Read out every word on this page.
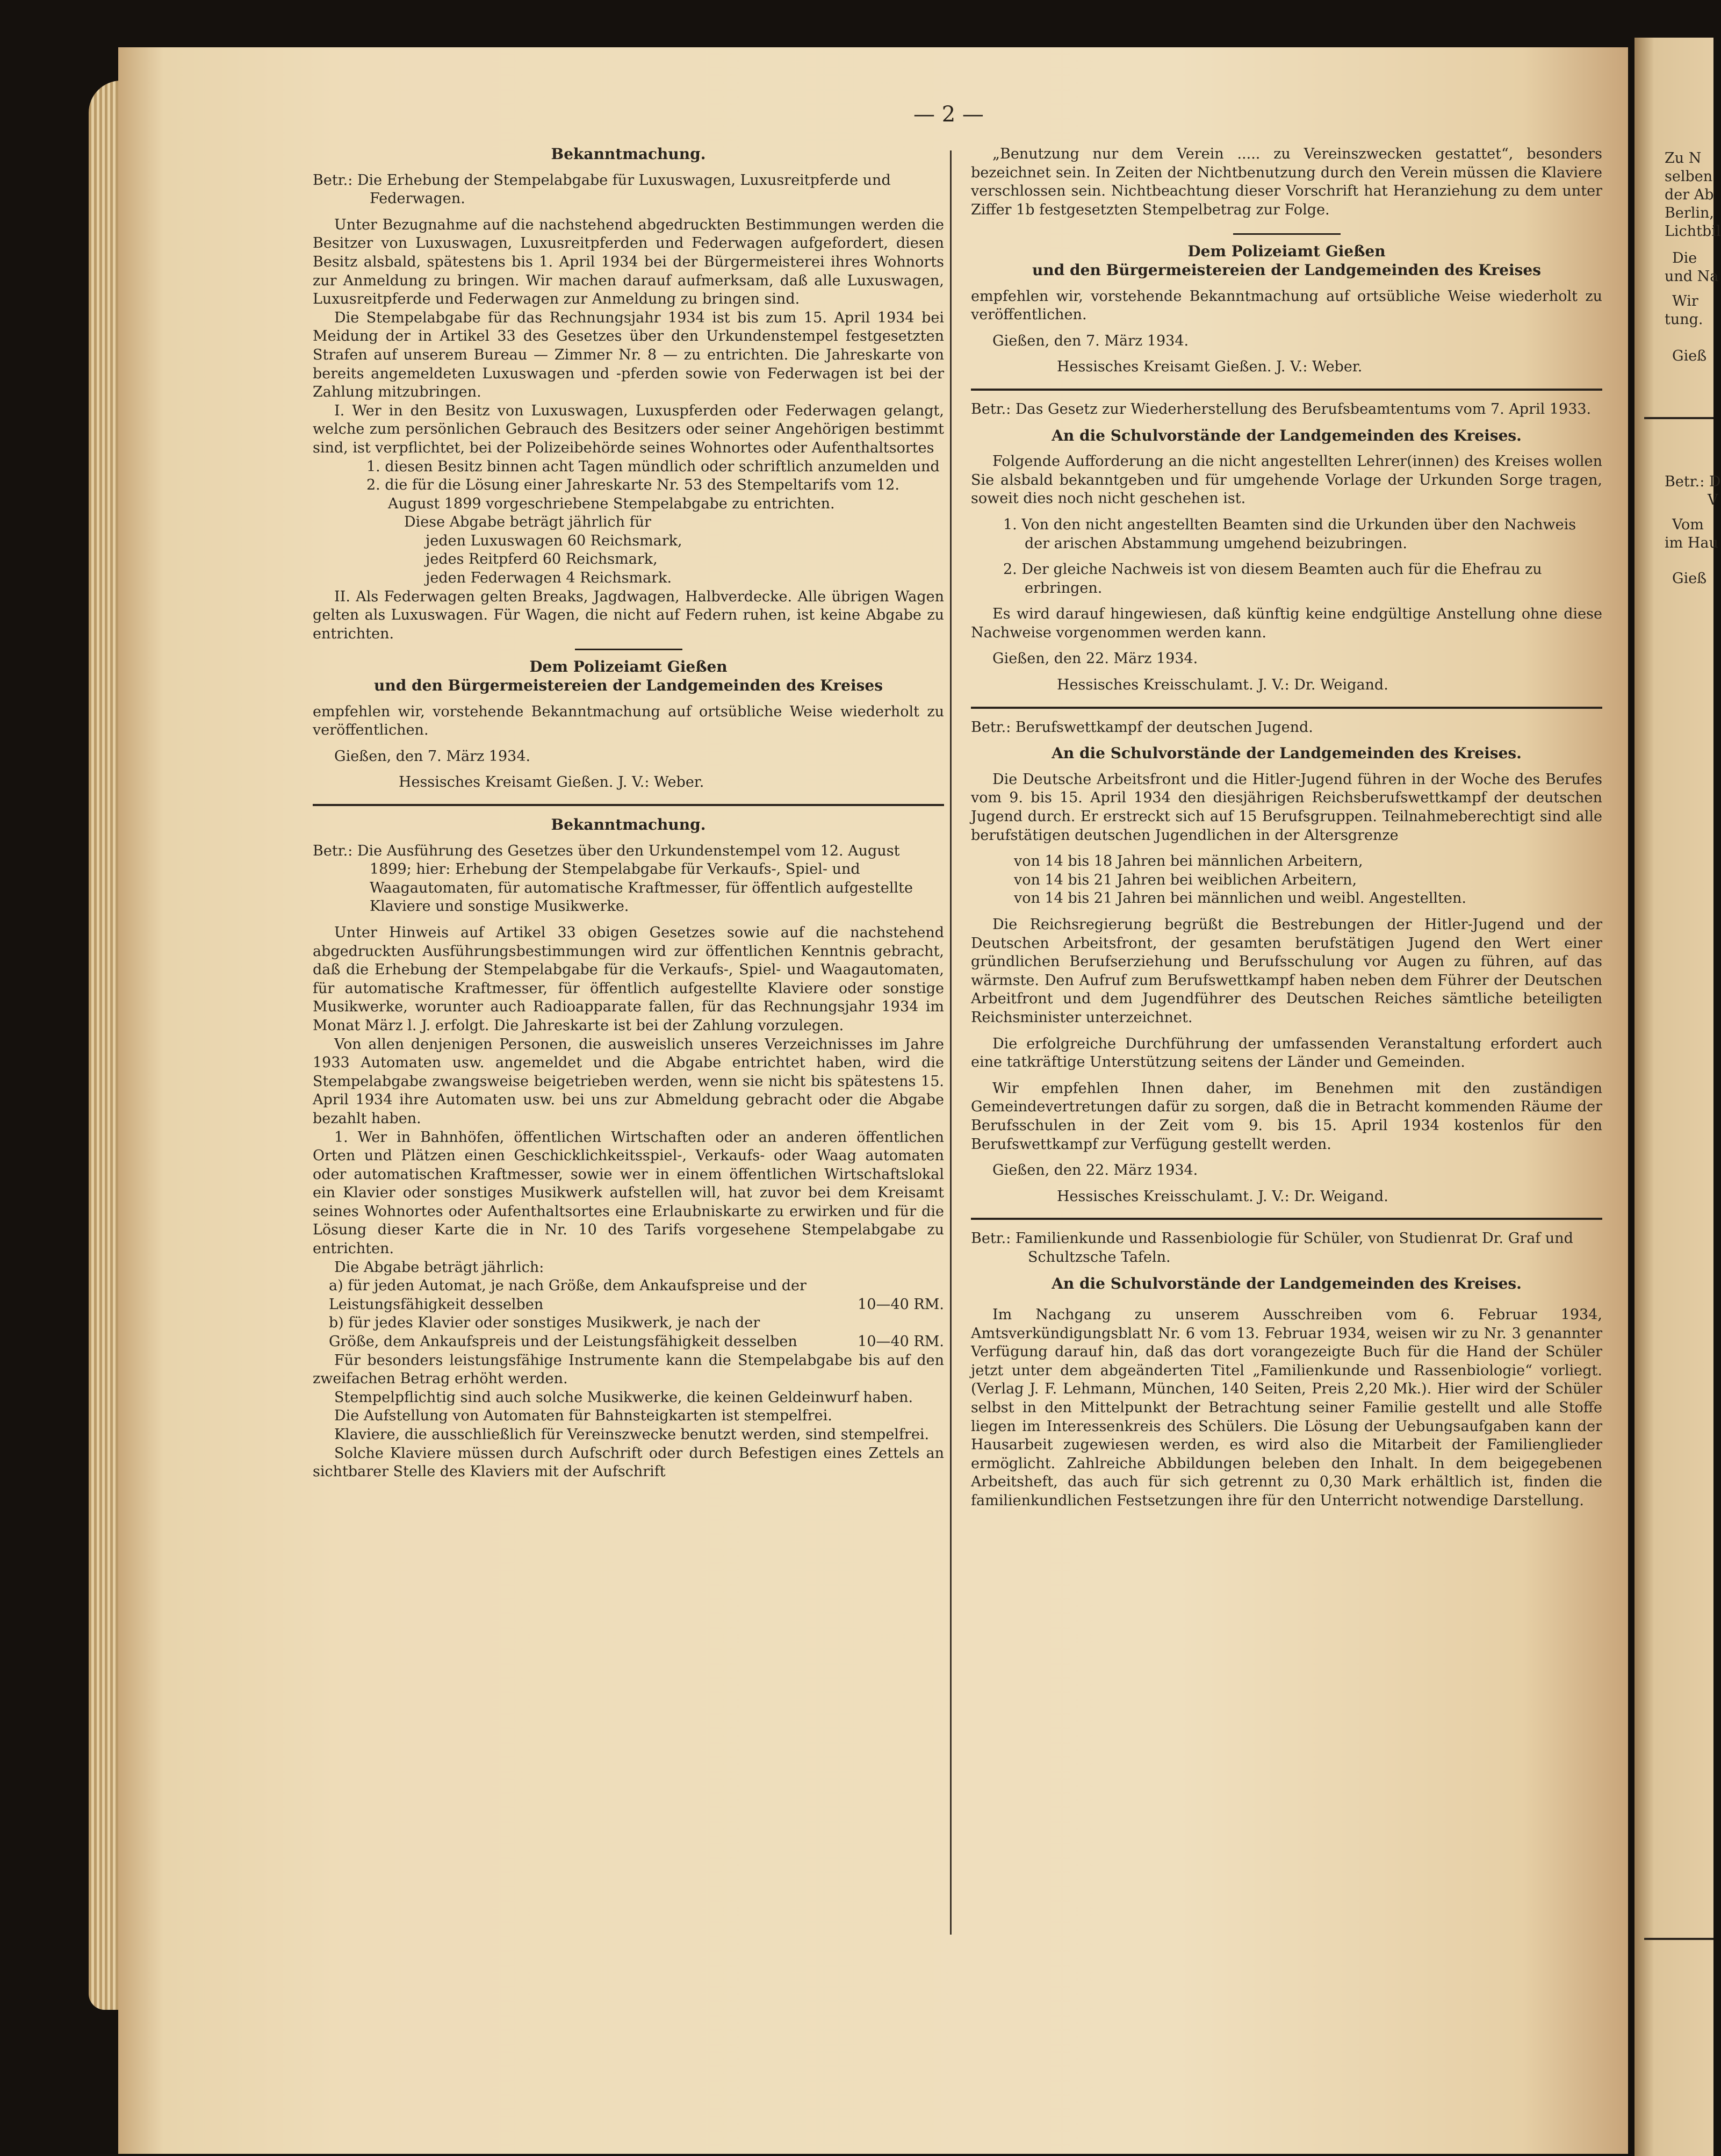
— 2 —

Bekanntmachung.

Betr.: Die Erhebung der Stempelabgabe für Luxuswagen, Luxusreitpferde und Federwagen.

Unter Bezugnahme auf die nachstehend abgedruckten Bestimmungen werden die Besitzer von Luxuswagen, Luxusreitpferden und Federwagen aufgefordert, diesen Besitz alsbald, spätestens bis 1. April 1934 bei der Bürgermeisterei ihres Wohnorts zur Anmeldung zu bringen. Wir machen darauf aufmerksam, daß alle Luxuswagen, Luxusreitpferde und Federwagen zur Anmeldung zu bringen sind.

Die Stempelabgabe für das Rechnungsjahr 1934 ist bis zum 15. April 1934 bei Meidung der in Artikel 33 des Gesetzes über den Urkundenstempel festgesetzten Strafen auf unserem Bureau — Zimmer Nr. 8 — zu entrichten. Die Jahreskarte von bereits angemeldeten Luxuswagen und -pferden sowie von Federwagen ist bei der Zahlung mitzubringen.

I. Wer in den Besitz von Luxuswagen, Luxuspferden oder Federwagen gelangt, welche zum persönlichen Gebrauch des Besitzers oder seiner Angehörigen bestimmt sind, ist verpflichtet, bei der Polizeibehörde seines Wohnortes oder Aufenthaltsortes

1. diesen Besitz binnen acht Tagen mündlich oder schriftlich anzumelden und

2. die für die Lösung einer Jahreskarte Nr. 53 des Stempeltarifs vom 12. August 1899 vorgeschriebene Stempelabgabe zu entrichten.

Diese Abgabe beträgt jährlich für

jeden Luxuswagen 60 Reichsmark,

jedes Reitpferd 60 Reichsmark,

jeden Federwagen 4 Reichsmark.

II. Als Federwagen gelten Breaks, Jagdwagen, Halbverdecke. Alle übrigen Wagen gelten als Luxuswagen. Für Wagen, die nicht auf Federn ruhen, ist keine Abgabe zu entrichten.

Dem Polizeiamt Gießen

und den Bürgermeistereien der Landgemeinden des Kreises

empfehlen wir, vorstehende Bekanntmachung auf ortsübliche Weise wiederholt zu veröffentlichen.

Gießen, den 7. März 1934.

Hessisches Kreisamt Gießen. J. V.: Weber.

Bekanntmachung.

Betr.: Die Ausführung des Gesetzes über den Urkundenstempel vom 12. August 1899; hier: Erhebung der Stempelabgabe für Verkaufs-, Spiel- und Waagautomaten, für automatische Kraftmesser, für öffentlich aufgestellte Klaviere und sonstige Musikwerke.

Unter Hinweis auf Artikel 33 obigen Gesetzes sowie auf die nachstehend abgedruckten Ausführungsbestimmungen wird zur öffentlichen Kenntnis gebracht, daß die Erhebung der Stempelabgabe für die Verkaufs-, Spiel- und Waagautomaten, für automatische Kraftmesser, für öffentlich aufgestellte Klaviere oder sonstige Musikwerke, worunter auch Radioapparate fallen, für das Rechnungsjahr 1934 im Monat März l. J. erfolgt. Die Jahreskarte ist bei der Zahlung vorzulegen.

Von allen denjenigen Personen, die ausweislich unseres Verzeichnisses im Jahre 1933 Automaten usw. angemeldet und die Abgabe entrichtet haben, wird die Stempelabgabe zwangsweise beigetrieben werden, wenn sie nicht bis spätestens 15. April 1934 ihre Automaten usw. bei uns zur Abmeldung gebracht oder die Abgabe bezahlt haben.

1. Wer in Bahnhöfen, öffentlichen Wirtschaften oder an anderen öffentlichen Orten und Plätzen einen Geschicklichkeitsspiel-, Verkaufs- oder Waag automaten oder automatischen Kraftmesser, sowie wer in einem öffentlichen Wirtschaftslokal ein Klavier oder sonstiges Musikwerk aufstellen will, hat zuvor bei dem Kreisamt seines Wohnortes oder Aufenthaltsortes eine Erlaubniskarte zu erwirken und für die Lösung dieser Karte die in Nr. 10 des Tarifs vorgesehene Stempelabgabe zu entrichten.

Die Abgabe beträgt jährlich:

a) für jeden Automat, je nach Größe, dem Ankaufspreise und der Leistungsfähigkeit desselben	10—40 RM.
b) für jedes Klavier oder sonstiges Musikwerk, je nach der Größe, dem Ankaufspreis und der Leistungsfähigkeit desselben	10—40 RM.

Für besonders leistungsfähige Instrumente kann die Stempelabgabe bis auf den zweifachen Betrag erhöht werden.

Stempelpflichtig sind auch solche Musikwerke, die keinen Geldeinwurf haben.

Die Aufstellung von Automaten für Bahnsteigkarten ist stempelfrei.

Klaviere, die ausschließlich für Vereinszwecke benutzt werden, sind stempelfrei.

Solche Klaviere müssen durch Aufschrift oder durch Befestigen eines Zettels an sichtbarer Stelle des Klaviers mit der Aufschrift

„Benutzung nur dem Verein ..... zu Vereinszwecken gestattet“, besonders bezeichnet sein. In Zeiten der Nichtbenutzung durch den Verein müssen die Klaviere verschlossen sein. Nichtbeachtung dieser Vorschrift hat Heranziehung zu dem unter Ziffer 1b festgesetzten Stempelbetrag zur Folge.

Dem Polizeiamt Gießen

und den Bürgermeistereien der Landgemeinden des Kreises

empfehlen wir, vorstehende Bekanntmachung auf ortsübliche Weise wiederholt zu veröffentlichen.

Gießen, den 7. März 1934.

Hessisches Kreisamt Gießen. J. V.: Weber.

Betr.: Das Gesetz zur Wiederherstellung des Berufsbeamtentums vom 7. April 1933.

An die Schulvorstände der Landgemeinden des Kreises.

Folgende Aufforderung an die nicht angestellten Lehrer(innen) des Kreises wollen Sie alsbald bekanntgeben und für umgehende Vorlage der Urkunden Sorge tragen, soweit dies noch nicht geschehen ist.

1. Von den nicht angestellten Beamten sind die Urkunden über den Nachweis der arischen Abstammung umgehend beizubringen.

2. Der gleiche Nachweis ist von diesem Beamten auch für die Ehefrau zu erbringen.

Es wird darauf hingewiesen, daß künftig keine endgültige Anstellung ohne diese Nachweise vorgenommen werden kann.

Gießen, den 22. März 1934.

Hessisches Kreisschulamt. J. V.: Dr. Weigand.

Betr.: Berufswettkampf der deutschen Jugend.

An die Schulvorstände der Landgemeinden des Kreises.

Die Deutsche Arbeitsfront und die Hitler-Jugend führen in der Woche des Berufes vom 9. bis 15. April 1934 den diesjährigen Reichsberufswettkampf der deutschen Jugend durch. Er erstreckt sich auf 15 Berufsgruppen. Teilnahmeberechtigt sind alle berufstätigen deutschen Jugendlichen in der Altersgrenze

von 14 bis 18 Jahren bei männlichen Arbeitern,

von 14 bis 21 Jahren bei weiblichen Arbeitern,

von 14 bis 21 Jahren bei männlichen und weibl. Angestellten.

Die Reichsregierung begrüßt die Bestrebungen der Hitler-Jugend und der Deutschen Arbeitsfront, der gesamten berufstätigen Jugend den Wert einer gründlichen Berufserziehung und Berufsschulung vor Augen zu führen, auf das wärmste. Den Aufruf zum Berufswettkampf haben neben dem Führer der Deutschen Arbeitfront und dem Jugendführer des Deutschen Reiches sämtliche beteiligten Reichsminister unterzeichnet.

Die erfolgreiche Durchführung der umfassenden Veranstaltung erfordert auch eine tatkräftige Unterstützung seitens der Länder und Gemeinden.

Wir empfehlen Ihnen daher, im Benehmen mit den zuständigen Gemeindevertretungen dafür zu sorgen, daß die in Betracht kommenden Räume der Berufsschulen in der Zeit vom 9. bis 15. April 1934 kostenlos für den Berufswettkampf zur Verfügung gestellt werden.

Gießen, den 22. März 1934.

Hessisches Kreisschulamt. J. V.: Dr. Weigand.

Betr.: Familienkunde und Rassenbiologie für Schüler, von Studienrat Dr. Graf und Schultzsche Tafeln.

An die Schulvorstände der Landgemeinden des Kreises.

Im Nachgang zu unserem Ausschreiben vom 6. Februar 1934, Amtsverkündigungsblatt Nr. 6 vom 13. Februar 1934, weisen wir zu Nr. 3 genannter Verfügung darauf hin, daß das dort vorangezeigte Buch für die Hand der Schüler jetzt unter dem abgeänderten Titel „Familienkunde und Rassenbiologie“ vorliegt. (Verlag J. F. Lehmann, München, 140 Seiten, Preis 2,20 Mk.). Hier wird der Schüler selbst in den Mittelpunkt der Betrachtung seiner Familie gestellt und alle Stoffe liegen im Interessenkreis des Schülers. Die Lösung der Uebungsaufgaben kann der Hausarbeit zugewiesen werden, es wird also die Mitarbeit der Familienglieder ermöglicht. Zahlreiche Abbildungen beleben den Inhalt. In dem beigegebenen Arbeitsheft, das auch für sich getrennt zu 0,30 Mark erhältlich ist, finden die familienkundlichen Festsetzungen ihre für den Unterricht notwendige Darstellung.

Zu N
selben
der Ab
Berlin,
Lichtbil
Die
und Na
Wir
tung.
Gieß
Betr.: D
V
Vom
im Hau
Gieß
